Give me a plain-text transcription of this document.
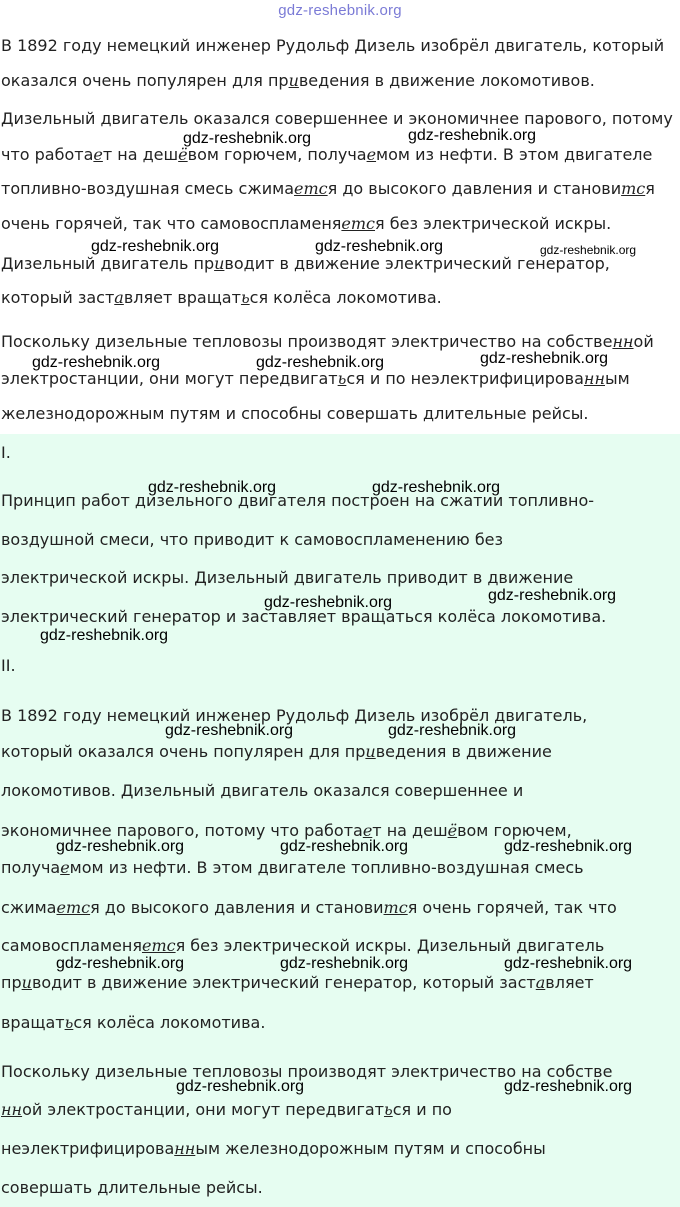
gdz-reshebnik.org
В 1892 году немецкий инженер Рудольф Дизель изобрёл двигатель, который
оказался очень популярен для приведения в движение локомотивов.
Дизельный двигатель оказался совершеннее и экономичнее парового, потому
что работает на дешёвом горючем, получаемом из нефти. В этом двигателе
топливно-воздушная смесь сжимается до высокого давления и становится
очень горячей, так что самовоспламеняется без электрической искры.
Дизельный двигатель приводит в движение электрический генератор,
который заставляет вращаться колёса локомотива.
Поскольку дизельные тепловозы производят электричество на собственной
электростанции, они могут передвигаться и по неэлектрифицированным
железнодорожным путям и способны совершать длительные рейсы.
I.
Принцип работ дизельного двигателя построен на сжатии топливно-
воздушной смеси, что приводит к самовоспламенению без
электрической искры. Дизельный двигатель приводит в движение
электрический генератор и заставляет вращаться колёса локомотива.
II.
В 1892 году немецкий инженер Рудольф Дизель изобрёл двигатель,
который оказался очень популярен для приведения в движение
локомотивов. Дизельный двигатель оказался совершеннее и
экономичнее парового, потому что работает на дешёвом горючем,
получаемом из нефти. В этом двигателе топливно-воздушная смесь
сжимается до высокого давления и становится очень горячей, так что
самовоспламеняется без электрической искры. Дизельный двигатель
приводит в движение электрический генератор, который заставляет
вращаться колёса локомотива.
Поскольку дизельные тепловозы производят электричество на собстве
нной электростанции, они могут передвигаться и по
неэлектрифицированным железнодорожным путям и способны
совершать длительные рейсы.
gdz-reshebnik.org	gdz-reshebnik.org
gdz-reshebnik.org	gdz-reshebnik.org	gdz-reshebnik.org
gdz-reshebnik.org	gdz-reshebnik.org	gdz-reshebnik.org
gdz-reshebnik.org	gdz-reshebnik.org
gdz-reshebnik.org	gdz-reshebnik.org
gdz-reshebnik.org
gdz-reshebnik.org	gdz-reshebnik.org
gdz-reshebnik.org	gdz-reshebnik.org	gdz-reshebnik.org
gdz-reshebnik.org	gdz-reshebnik.org	gdz-reshebnik.org
gdz-reshebnik.org	gdz-reshebnik.org
